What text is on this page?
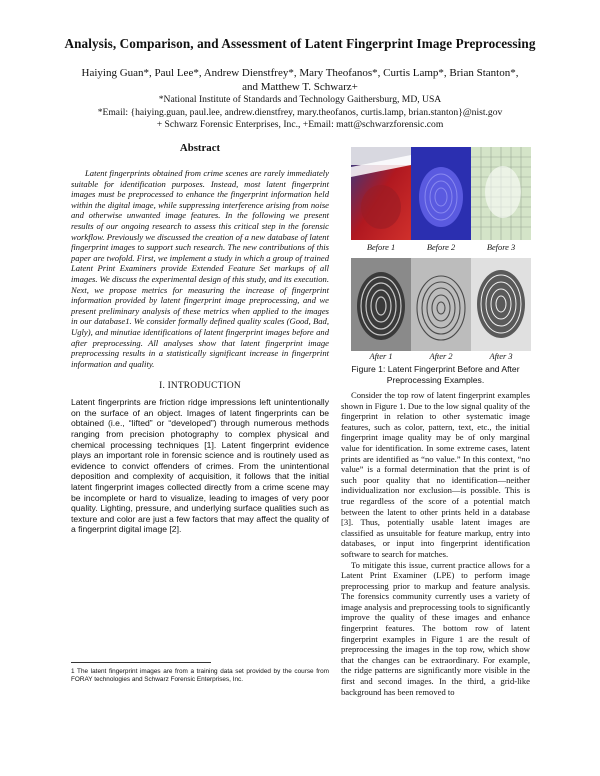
Analysis, Comparison, and Assessment of Latent Fingerprint Image Preprocessing
Haiying Guan*, Paul Lee*, Andrew Dienstfrey*, Mary Theofanos*, Curtis Lamp*, Brian Stanton*,
and Matthew T. Schwarz+
*National Institute of Standards and Technology Gaithersburg, MD, USA
*Email: {haiying.guan, paul.lee, andrew.dienstfrey, mary.theofanos, curtis.lamp, brian.stanton}@nist.gov
+ Schwarz Forensic Enterprises, Inc., +Email: matt@schwarzforensic.com
Abstract

Latent fingerprints obtained from crime scenes are rarely immediately suitable for identification purposes. Instead, most latent fingerprint images must be preprocessed to enhance the fingerprint information held within the digital image, while suppressing interference arising from noise and otherwise unwanted image features. In the following we present results of our ongoing research to assess this critical step in the forensic workflow. Previously we discussed the creation of a new database of latent fingerprint images to support such research. The new contributions of this paper are twofold. First, we implement a study in which a group of trained Latent Print Examiners provide Extended Feature Set markups of all images. We discuss the experimental design of this study, and its execution. Next, we propose metrics for measuring the increase of fingerprint information provided by latent fingerprint image preprocessing, and we present preliminary analysis of these metrics when applied to the images in our database1. We consider formally defined quality scales (Good, Bad, Ugly), and minutiae identifications of latent fingerprint images before and after preprocessing. All analyses show that latent fingerprint image preprocessing results in a statistically significant increase in fingerprint information and quality.

I. INTRODUCTION

Latent fingerprints are friction ridge impressions left unintentionally on the surface of an object. Images of latent fingerprints can be obtained (i.e., “lifted” or “developed”) through numerous methods ranging from precision photography to complex physical and chemical processing techniques [1]. Latent fingerprint evidence plays an important role in forensic science and is routinely used as evidence to convict offenders of crimes. From the unintentional deposition and complexity of acquisition, it follows that the initial latent fingerprint images collected directly from a crime scene may be incomplete or hard to visualize, leading to images of very poor quality. Lighting, pressure, and underlying surface qualities such as texture and color are just a few factors that may affect the quality of a fingerprint digital image [2].

1 The latent fingerprint images are from a training data set provided by the course from FORAY technologies and Schwarz Forensic Enterprises, Inc.
Before 1	Before 2	Before 3
After 1	After 2	After 3
Figure 1: Latent Fingerprint Before and After
Preprocessing Examples.

Consider the top row of latent fingerprint examples shown in Figure 1. Due to the low signal quality of the fingerprint in relation to other systematic image features, such as color, pattern, text, etc., the initial fingerprint image quality may be of only marginal value for identification. In some extreme cases, latent prints are identified as “no value.” In this context, “no value” is a formal determination that the print is of such poor quality that no identification—neither individualization nor exclusion—is possible. This is true regardless of the score of a potential match between the latent to other prints held in a database [3]. Thus, potentially usable latent images are classified as unsuitable for feature markup, entry into databases, or input into fingerprint identification software to search for matches.

To mitigate this issue, current practice allows for a Latent Print Examiner (LPE) to perform image preprocessing prior to markup and feature analysis. The forensics community currently uses a variety of image analysis and preprocessing tools to significantly improve the quality of these images and enhance fingerprint features. The bottom row of latent fingerprint examples in Figure 1 are the result of preprocessing the images in the top row, which show that the changes can be extraordinary. For example, the ridge patterns are significantly more visible in the first and second images. In the third, a grid-like background has been removed to
